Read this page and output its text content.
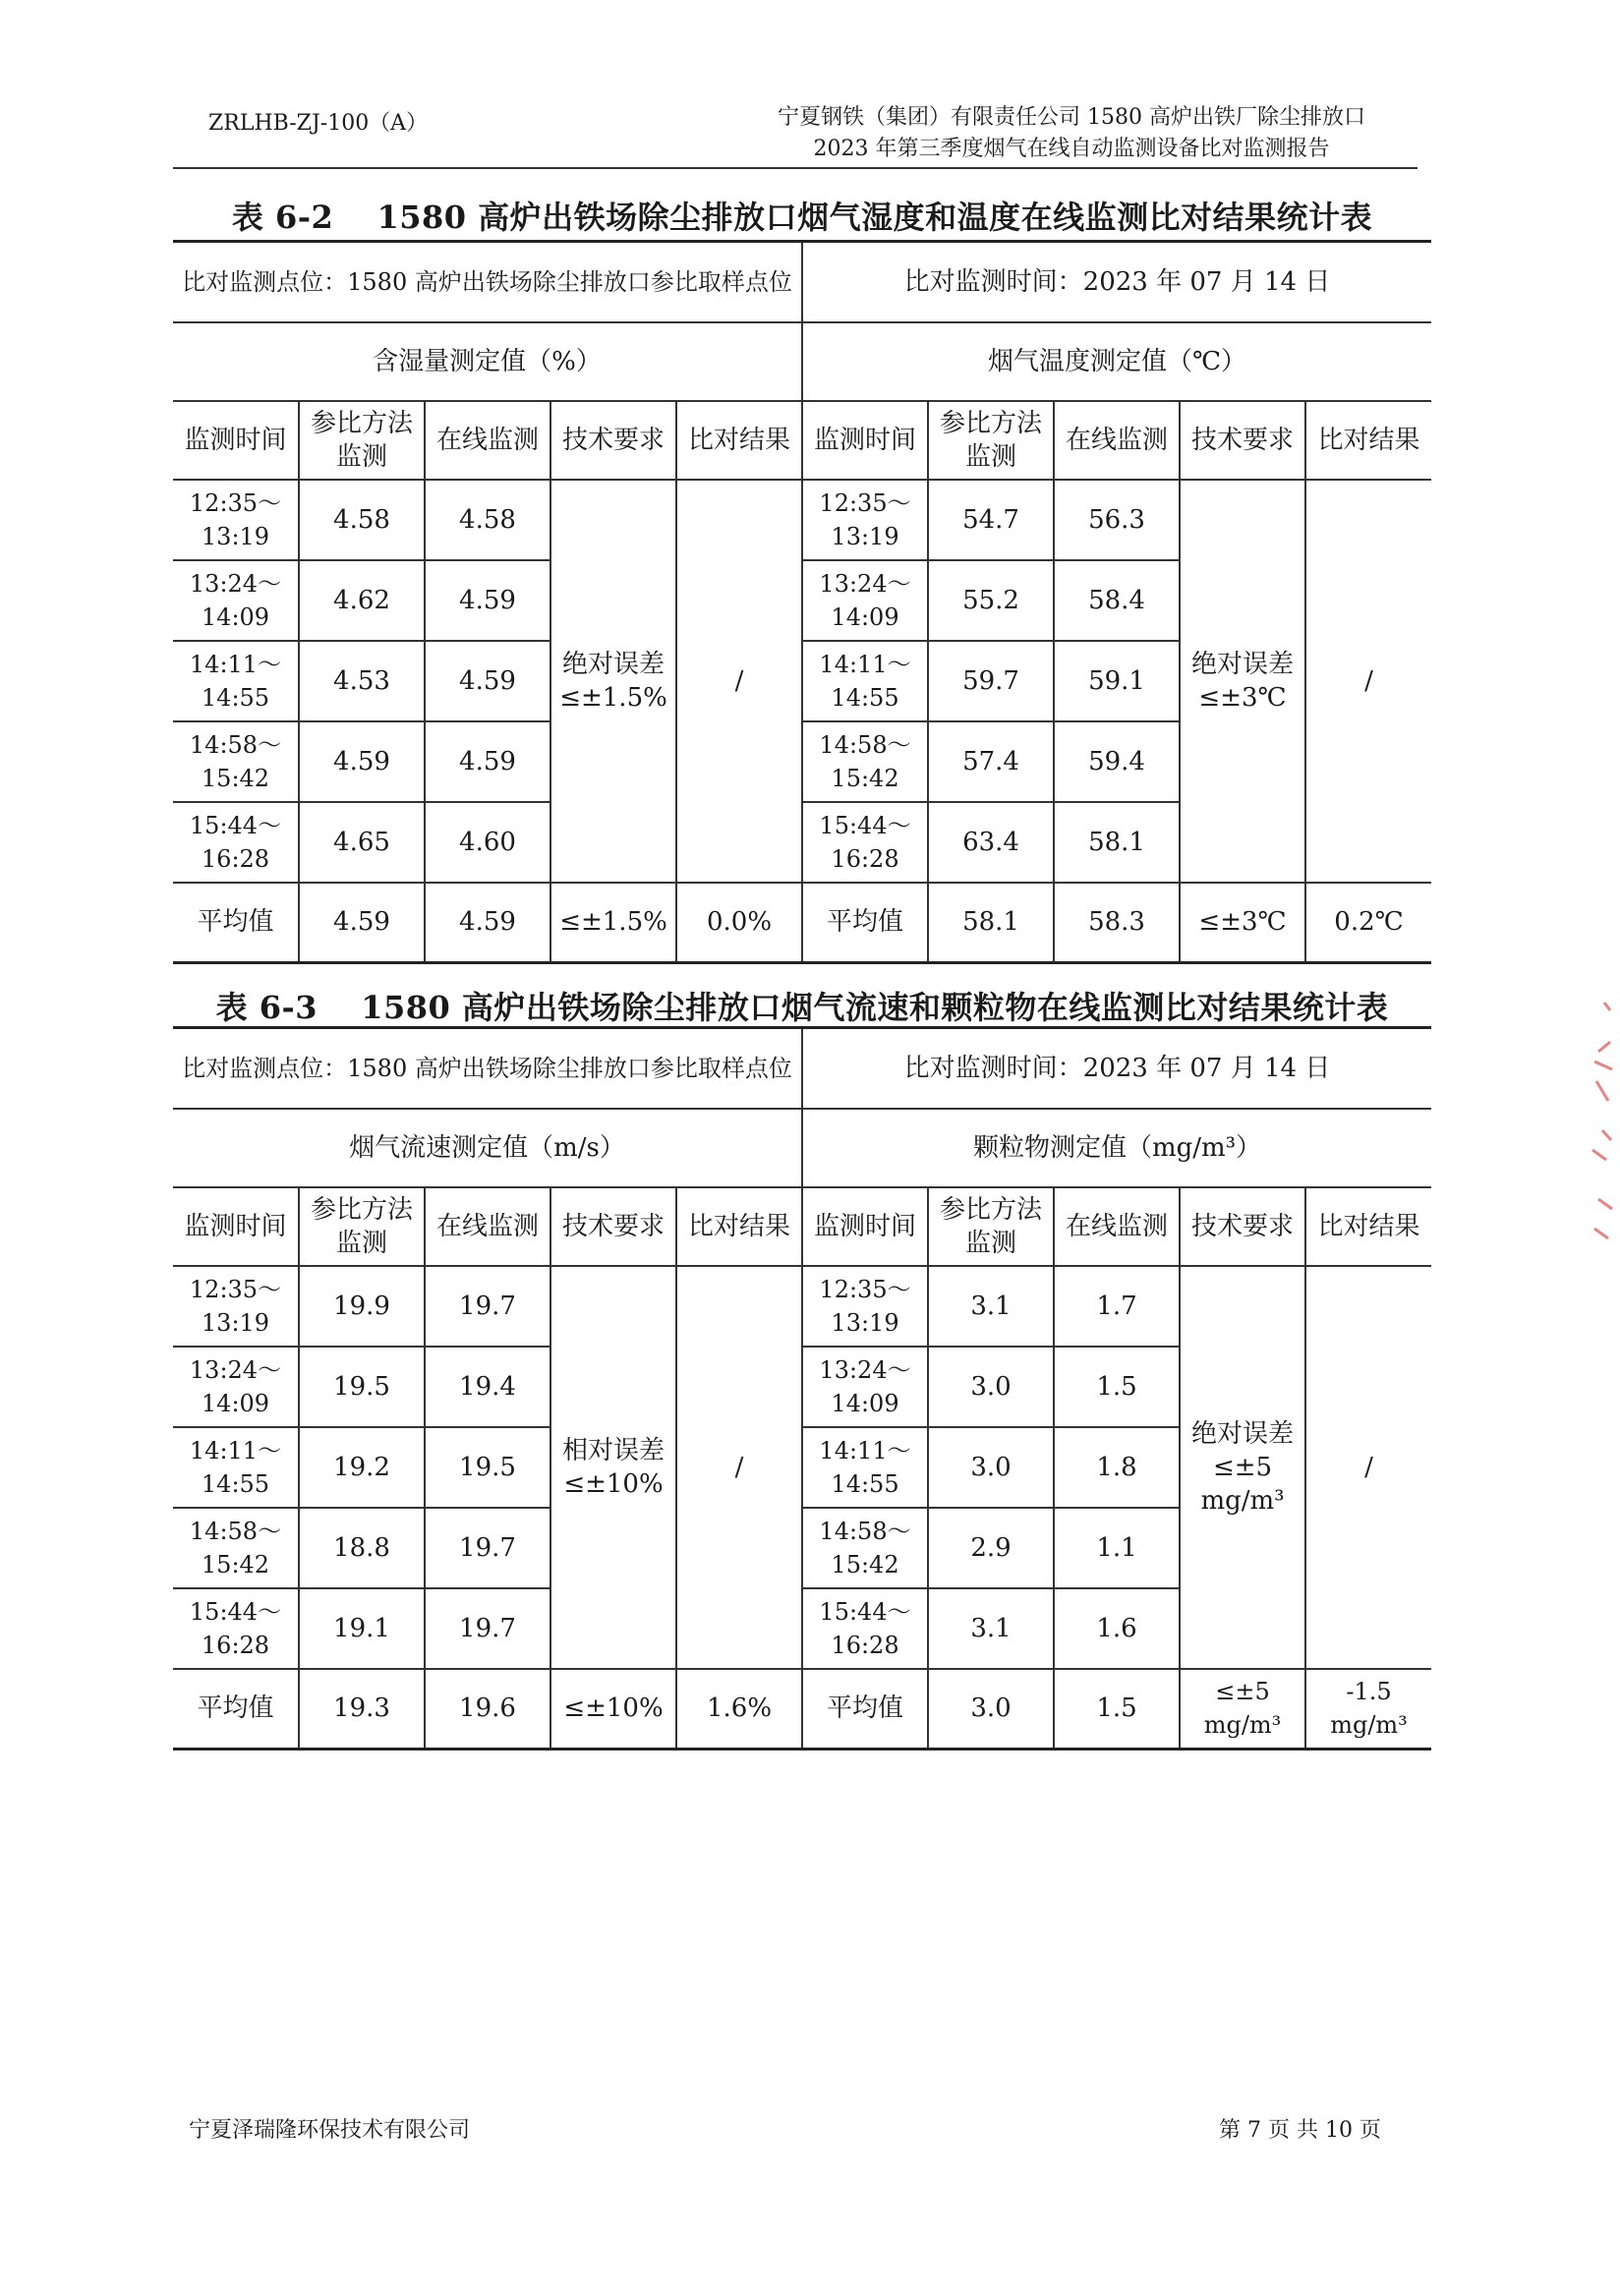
ZRLHB-ZJ-100（A）	宁夏钢铁（集团）有限责任公司 1580 高炉出铁厂除尘排放口
2023 年第三季度烟气在线自动监测设备比对监测报告
表 6-2　 1580 高炉出铁场除尘排放口烟气湿度和温度在线监测比对结果统计表
比对监测点位：1580 高炉出铁场除尘排放口参比取样点位					比对监测时间：2023 年 07 月 14 日				
含湿量测定值（%）					烟气温度测定值（℃）				
监测时间	参比方法监测	在线监测	技术要求	比对结果	监测时间	参比方法监测	在线监测	技术要求	比对结果
12:35～13:19	4.58	4.58	绝对误差≤±1.5%	/	12:35～13:19	54.7	56.3	绝对误差≤±3℃	/
13:24～14:09	4.62	4.59			13:24～14:09	55.2	58.4		
14:11～14:55	4.53	4.59			14:11～14:55	59.7	59.1		
14:58～15:42	4.59	4.59			14:58～15:42	57.4	59.4		
15:44～16:28	4.65	4.60			15:44～16:28	63.4	58.1		
平均值	4.59	4.59	≤±1.5%	0.0%	平均值	58.1	58.3	≤±3℃	0.2℃
表 6-3　 1580 高炉出铁场除尘排放口烟气流速和颗粒物在线监测比对结果统计表
比对监测点位：1580 高炉出铁场除尘排放口参比取样点位					比对监测时间：2023 年 07 月 14 日				
烟气流速测定值（m/s）					颗粒物测定值（mg/m³）				
监测时间	参比方法监测	在线监测	技术要求	比对结果	监测时间	参比方法监测	在线监测	技术要求	比对结果
12:35～13:19	19.9	19.7	相对误差≤±10%	/	12:35～13:19	3.1	1.7	绝对误差≤±5 mg/m³	/
13:24～14:09	19.5	19.4			13:24～14:09	3.0	1.5		
14:11～14:55	19.2	19.5			14:11～14:55	3.0	1.8		
14:58～15:42	18.8	19.7			14:58～15:42	2.9	1.1		
15:44～16:28	19.1	19.7			15:44～16:28	3.1	1.6		
平均值	19.3	19.6	≤±10%	1.6%	平均值	3.0	1.5	≤±5 mg/m³	-1.5 mg/m³
宁夏泽瑞隆环保技术有限公司	第 7 页 共 10 页
